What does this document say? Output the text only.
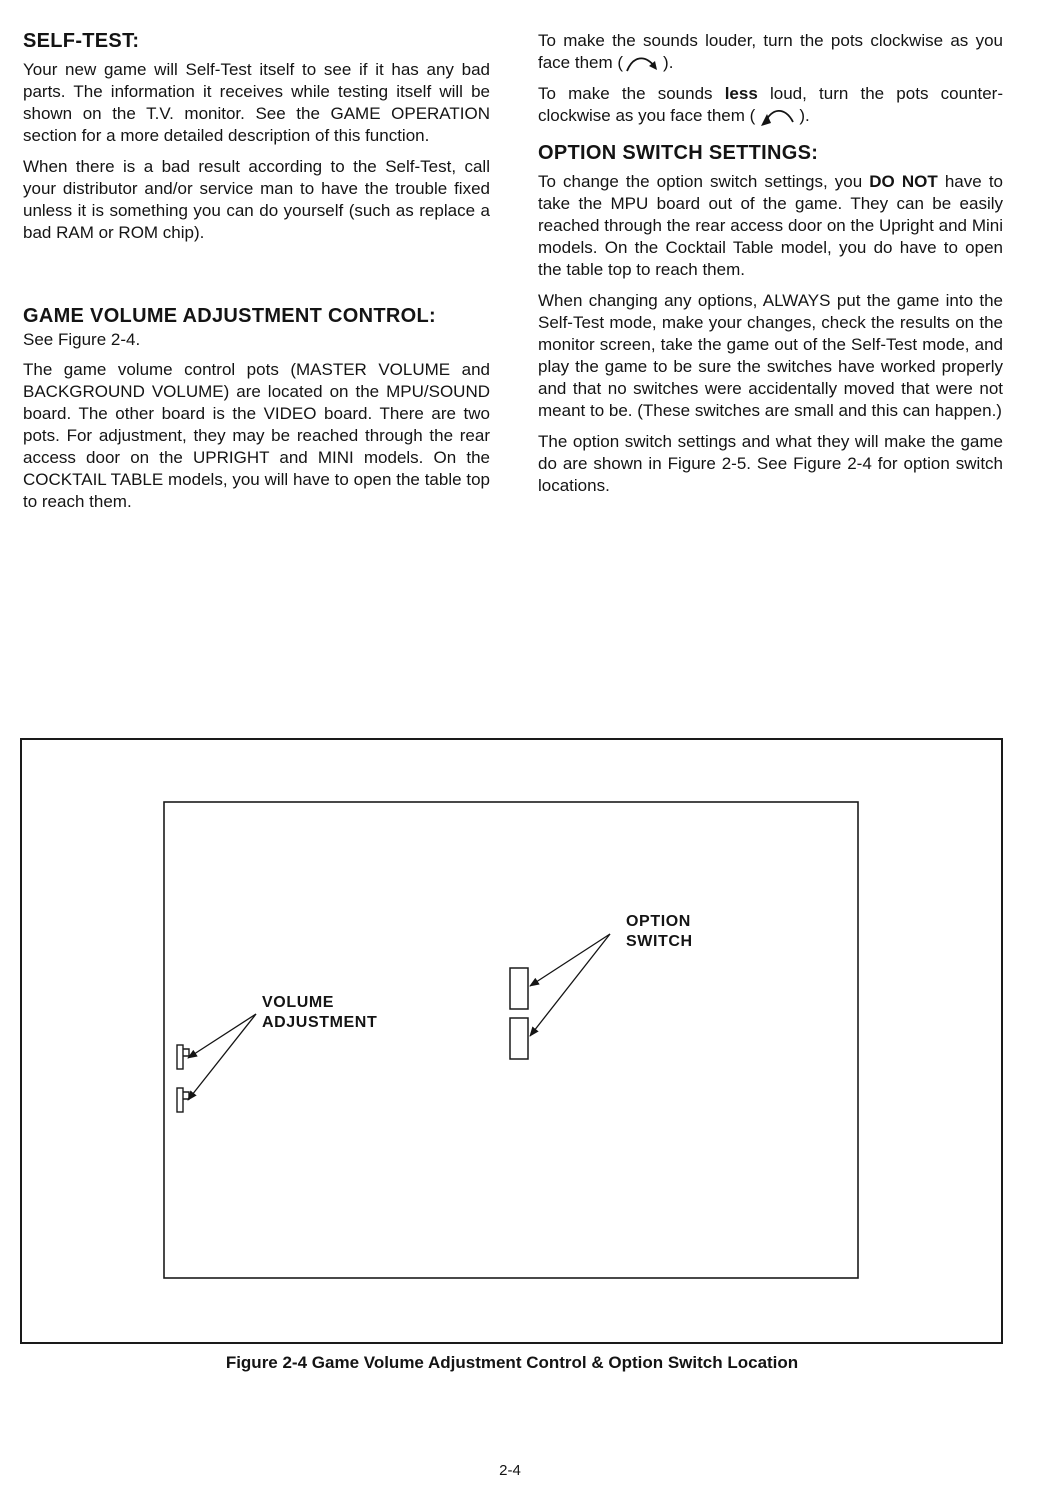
SELF-TEST:

Your new game will Self-Test itself to see if it has any bad parts. The information it receives while testing itself will be shown on the T.V. monitor. See the GAME OPERATION section for a more detailed description of this function.

When there is a bad result according to the Self-Test, call your distributor and/or service man to have the trouble fixed unless it is something you can do yourself (such as replace a bad RAM or ROM chip).

GAME VOLUME ADJUSTMENT CONTROL:
See Figure 2-4.

The game volume control pots (MASTER VOLUME and BACKGROUND VOLUME) are located on the MPU/SOUND board. The other board is the VIDEO board. There are two pots. For adjustment, they may be reached through the rear access door on the UPRIGHT and MINI models. On the COCKTAIL TABLE models, you will have to open the table top to reach them.

To make the sounds louder, turn the pots clockwise as you face them ( ).

To make the sounds less loud, turn the pots counter-clockwise as you face them (	).

OPTION SWITCH SETTINGS:

To change the option switch settings, you DO NOT have to take the MPU board out of the game. They can be easily reached through the rear access door on the Upright and Mini models. On the Cocktail Table model, you do have to open the table top to reach them.

When changing any options, ALWAYS put the game into the Self-Test mode, make your changes, check the results on the monitor screen, take the game out of the Self-Test mode, and play the game to be sure the switches have worked properly and that no switches were accidentally moved that were not meant to be. (These switches are small and this can happen.)

The option switch settings and what they will make the game do are shown in Figure 2-5. See Figure 2-4 for option switch locations.

OPTION
SWITCH
VOLUME
ADJUSTMENT
Figure 2-4 Game Volume Adjustment Control & Option Switch Location
2-4
